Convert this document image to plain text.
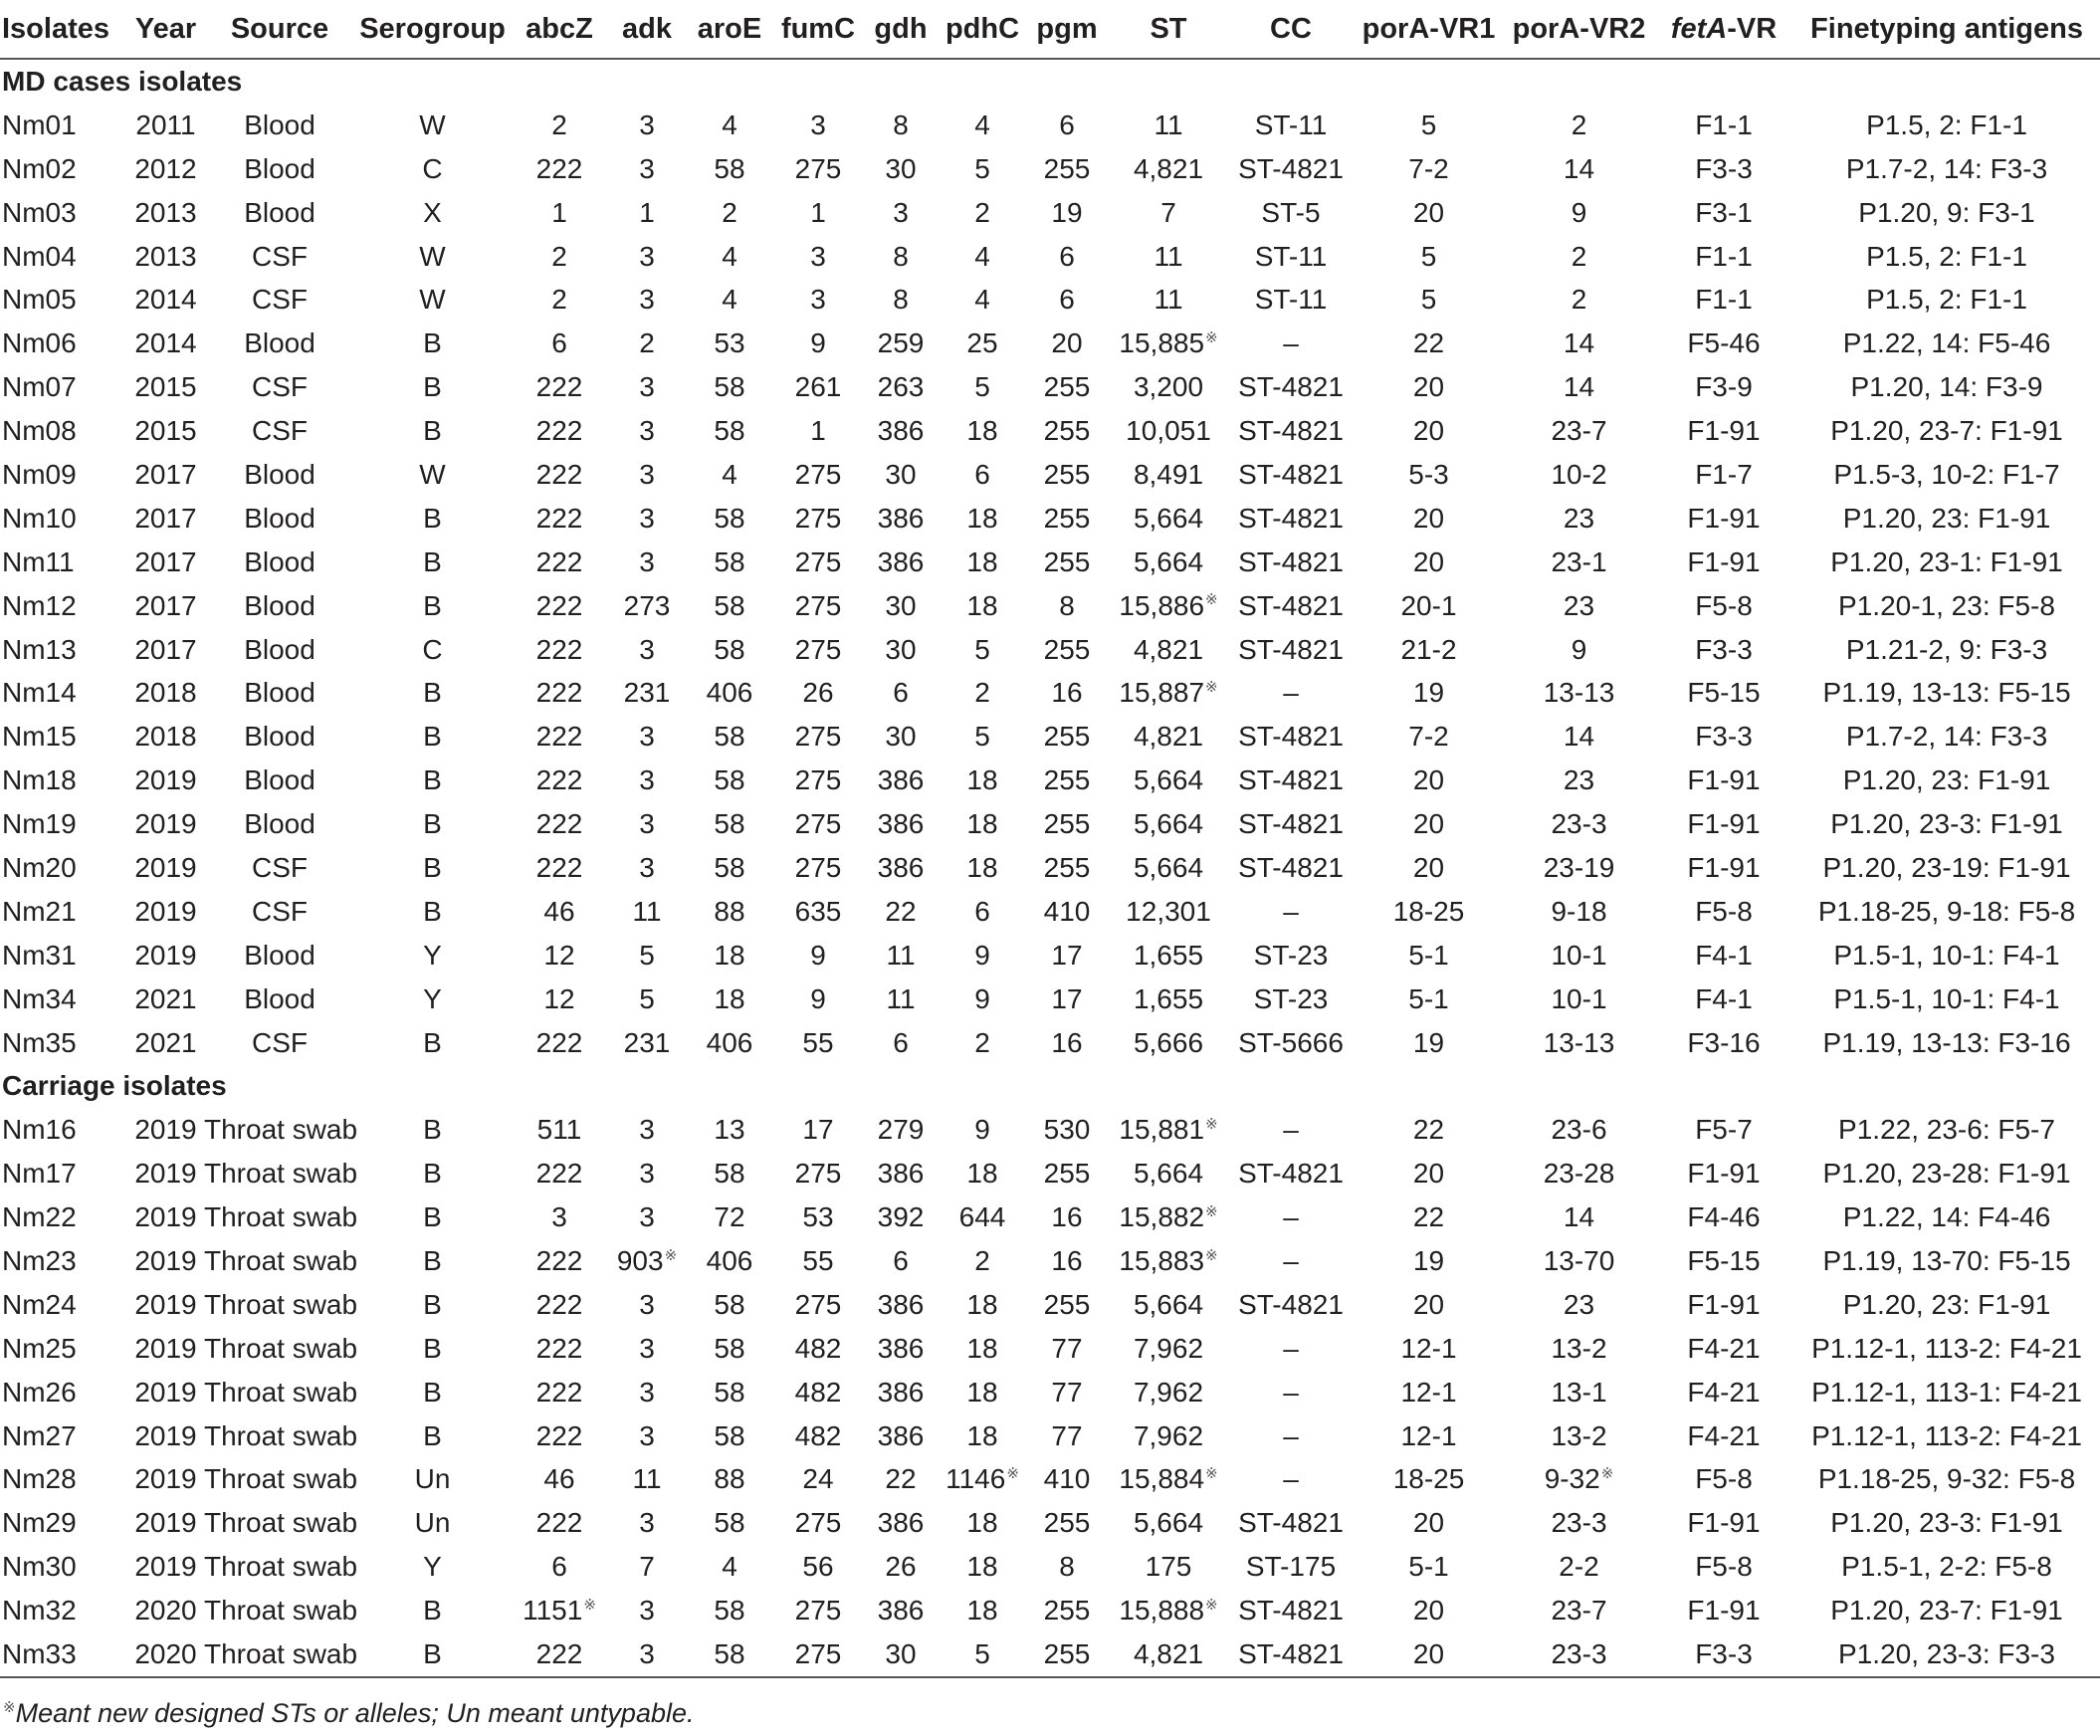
Isolates	Year	Source	Serogroup	abcZ	adk	aroE	fumC	gdh	pdhC	pgm	ST	CC	porA-VR1	porA-VR2	fetA-VR	Finetyping antigens
MD cases isolates																
Nm01	2011	Blood	W	2	3	4	3	8	4	6	11	ST-11	5	2	F1-1	P1.5, 2: F1-1
Nm02	2012	Blood	C	222	3	58	275	30	5	255	4,821	ST-4821	7-2	14	F3-3	P1.7-2, 14: F3-3
Nm03	2013	Blood	X	1	1	2	1	3	2	19	7	ST-5	20	9	F3-1	P1.20, 9: F3-1
Nm04	2013	CSF	W	2	3	4	3	8	4	6	11	ST-11	5	2	F1-1	P1.5, 2: F1-1
Nm05	2014	CSF	W	2	3	4	3	8	4	6	11	ST-11	5	2	F1-1	P1.5, 2: F1-1
Nm06	2014	Blood	B	6	2	53	9	259	25	20	15,885※	–	22	14	F5-46	P1.22, 14: F5-46
Nm07	2015	CSF	B	222	3	58	261	263	5	255	3,200	ST-4821	20	14	F3-9	P1.20, 14: F3-9
Nm08	2015	CSF	B	222	3	58	1	386	18	255	10,051	ST-4821	20	23-7	F1-91	P1.20, 23-7: F1-91
Nm09	2017	Blood	W	222	3	4	275	30	6	255	8,491	ST-4821	5-3	10-2	F1-7	P1.5-3, 10-2: F1-7
Nm10	2017	Blood	B	222	3	58	275	386	18	255	5,664	ST-4821	20	23	F1-91	P1.20, 23: F1-91
Nm11	2017	Blood	B	222	3	58	275	386	18	255	5,664	ST-4821	20	23-1	F1-91	P1.20, 23-1: F1-91
Nm12	2017	Blood	B	222	273	58	275	30	18	8	15,886※	ST-4821	20-1	23	F5-8	P1.20-1, 23: F5-8
Nm13	2017	Blood	C	222	3	58	275	30	5	255	4,821	ST-4821	21-2	9	F3-3	P1.21-2, 9: F3-3
Nm14	2018	Blood	B	222	231	406	26	6	2	16	15,887※	–	19	13-13	F5-15	P1.19, 13-13: F5-15
Nm15	2018	Blood	B	222	3	58	275	30	5	255	4,821	ST-4821	7-2	14	F3-3	P1.7-2, 14: F3-3
Nm18	2019	Blood	B	222	3	58	275	386	18	255	5,664	ST-4821	20	23	F1-91	P1.20, 23: F1-91
Nm19	2019	Blood	B	222	3	58	275	386	18	255	5,664	ST-4821	20	23-3	F1-91	P1.20, 23-3: F1-91
Nm20	2019	CSF	B	222	3	58	275	386	18	255	5,664	ST-4821	20	23-19	F1-91	P1.20, 23-19: F1-91
Nm21	2019	CSF	B	46	11	88	635	22	6	410	12,301	–	18-25	9-18	F5-8	P1.18-25, 9-18: F5-8
Nm31	2019	Blood	Y	12	5	18	9	11	9	17	1,655	ST-23	5-1	10-1	F4-1	P1.5-1, 10-1: F4-1
Nm34	2021	Blood	Y	12	5	18	9	11	9	17	1,655	ST-23	5-1	10-1	F4-1	P1.5-1, 10-1: F4-1
Nm35	2021	CSF	B	222	231	406	55	6	2	16	5,666	ST-5666	19	13-13	F3-16	P1.19, 13-13: F3-16
Carriage isolates																
Nm16	2019	Throat swab	B	511	3	13	17	279	9	530	15,881※	–	22	23-6	F5-7	P1.22, 23-6: F5-7
Nm17	2019	Throat swab	B	222	3	58	275	386	18	255	5,664	ST-4821	20	23-28	F1-91	P1.20, 23-28: F1-91
Nm22	2019	Throat swab	B	3	3	72	53	392	644	16	15,882※	–	22	14	F4-46	P1.22, 14: F4-46
Nm23	2019	Throat swab	B	222	903※	406	55	6	2	16	15,883※	–	19	13-70	F5-15	P1.19, 13-70: F5-15
Nm24	2019	Throat swab	B	222	3	58	275	386	18	255	5,664	ST-4821	20	23	F1-91	P1.20, 23: F1-91
Nm25	2019	Throat swab	B	222	3	58	482	386	18	77	7,962	–	12-1	13-2	F4-21	P1.12-1, 113-2: F4-21
Nm26	2019	Throat swab	B	222	3	58	482	386	18	77	7,962	–	12-1	13-1	F4-21	P1.12-1, 113-1: F4-21
Nm27	2019	Throat swab	B	222	3	58	482	386	18	77	7,962	–	12-1	13-2	F4-21	P1.12-1, 113-2: F4-21
Nm28	2019	Throat swab	Un	46	11	88	24	22	1146※	410	15,884※	–	18-25	9-32※	F5-8	P1.18-25, 9-32: F5-8
Nm29	2019	Throat swab	Un	222	3	58	275	386	18	255	5,664	ST-4821	20	23-3	F1-91	P1.20, 23-3: F1-91
Nm30	2019	Throat swab	Y	6	7	4	56	26	18	8	175	ST-175	5-1	2-2	F5-8	P1.5-1, 2-2: F5-8
Nm32	2020	Throat swab	B	1151※	3	58	275	386	18	255	15,888※	ST-4821	20	23-7	F1-91	P1.20, 23-7: F1-91
Nm33	2020	Throat swab	B	222	3	58	275	30	5	255	4,821	ST-4821	20	23-3	F3-3	P1.20, 23-3: F3-3
※Meant new designed STs or alleles; Un meant untypable.
